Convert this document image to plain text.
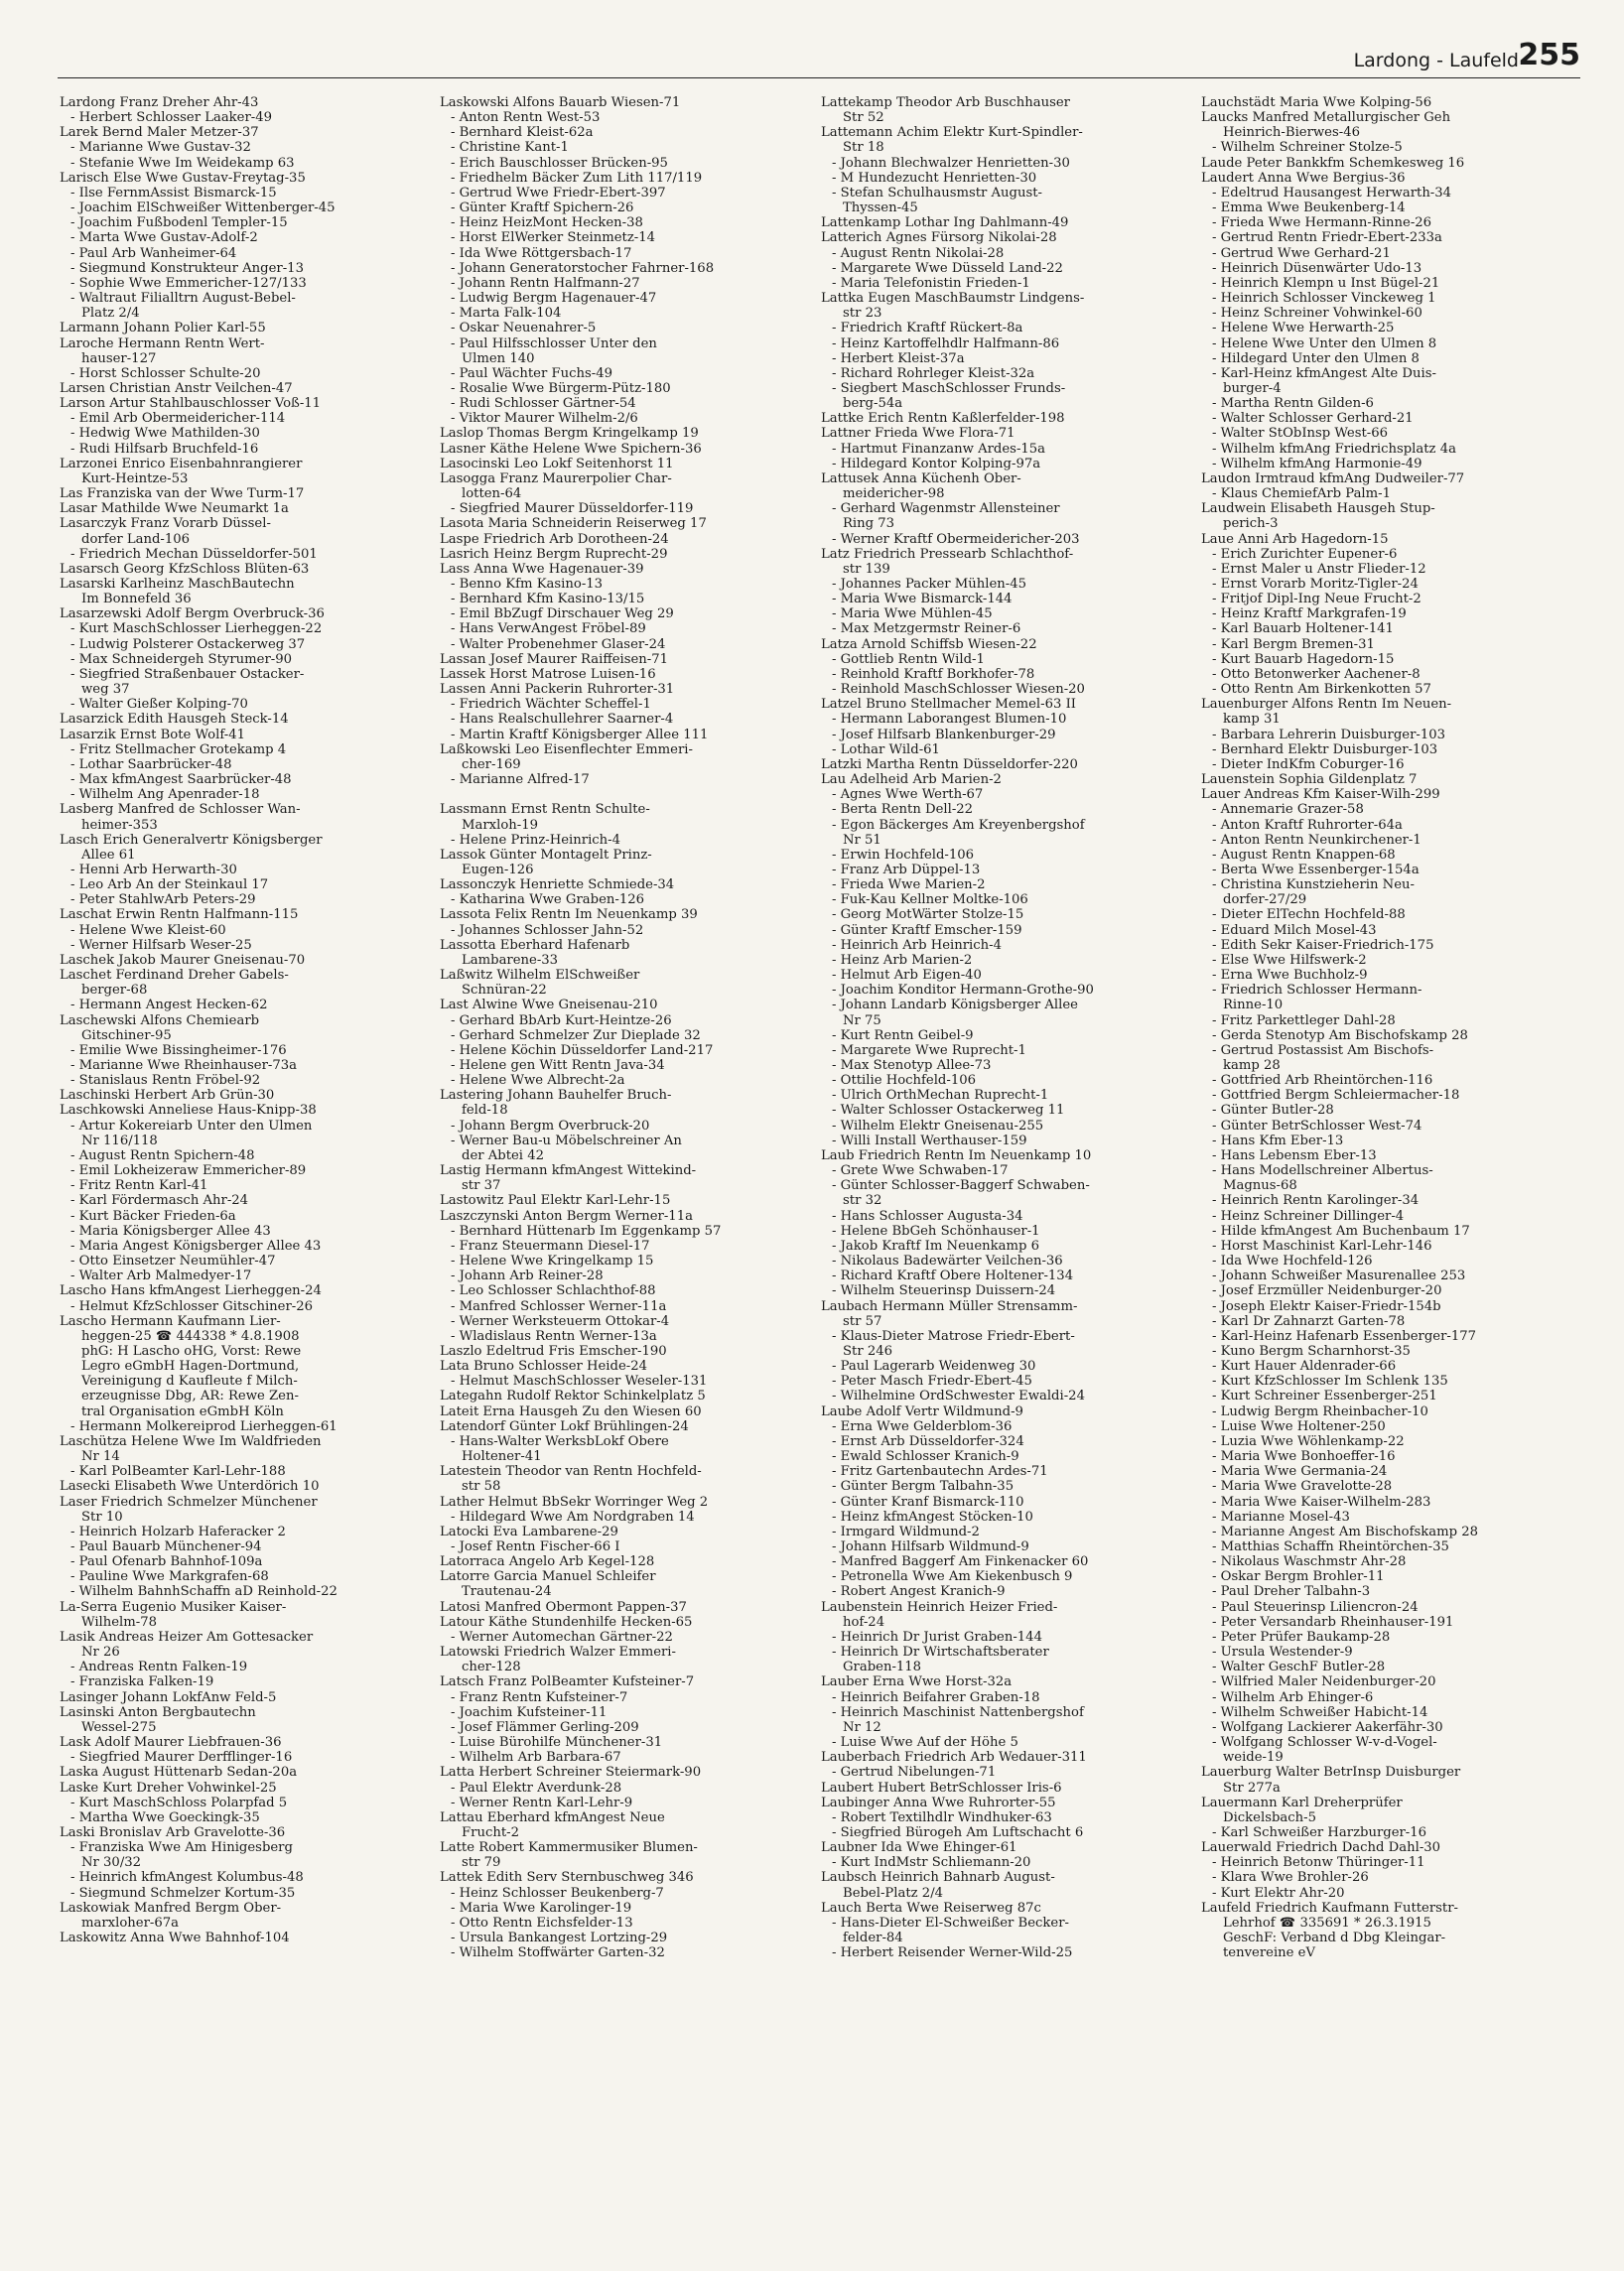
Lardong - Laufeld 255
Lardong Franz Dreher Ahr-43
- Herbert Schlosser Laaker-49
Larek Bernd Maler Metzer-37
- Marianne Wwe Gustav-32
- Stefanie Wwe Im Weidekamp 63
Larisch Else Wwe Gustav-Freytag-35
- Ilse FernmAssist Bismarck-15
- Joachim ElSchweißer Wittenberger-45
- Joachim Fußbodenl Templer-15
- Marta Wwe Gustav-Adolf-2
- Paul Arb Wanheimer-64
- Siegmund Konstrukteur Anger-13
- Sophie Wwe Emmericher-127/133
- Waltraut Filialltrn August-Bebel-
Platz 2/4
Larmann Johann Polier Karl-55
Laroche Hermann Rentn Wert-
hauser-127
- Horst Schlosser Schulte-20
Larsen Christian Anstr Veilchen-47
Larson Artur Stahlbauschlosser Voß-11
- Emil Arb Obermeidericher-114
- Hedwig Wwe Mathilden-30
- Rudi Hilfsarb Bruchfeld-16
Larzonei Enrico Eisenbahnrangierer
Kurt-Heintze-53
Las Franziska van der Wwe Turm-17
Lasar Mathilde Wwe Neumarkt 1a
Lasarczyk Franz Vorarb Düssel-
dorfer Land-106
- Friedrich Mechan Düsseldorfer-501
Lasarsch Georg KfzSchloss Blüten-63
Lasarski Karlheinz MaschBautechn
Im Bonnefeld 36
Lasarzewski Adolf Bergm Overbruck-36
- Kurt MaschSchlosser Lierheggen-22
- Ludwig Polsterer Ostackerweg 37
- Max Schneidergeh Styrumer-90
- Siegfried Straßenbauer Ostacker-
weg 37
- Walter Gießer Kolping-70
Lasarzick Edith Hausgeh Steck-14
Lasarzik Ernst Bote Wolf-41
- Fritz Stellmacher Grotekamp 4
- Lothar Saarbrücker-48
- Max kfmAngest Saarbrücker-48
- Wilhelm Ang Apenrader-18
Lasberg Manfred de Schlosser Wan-
heimer-353
Lasch Erich Generalvertr Königsberger
Allee 61
- Henni Arb Herwarth-30
- Leo Arb An der Steinkaul 17
- Peter StahlwArb Peters-29
Laschat Erwin Rentn Halfmann-115
- Helene Wwe Kleist-60
- Werner Hilfsarb Weser-25
Laschek Jakob Maurer Gneisenau-70
Laschet Ferdinand Dreher Gabels-
berger-68
- Hermann Angest Hecken-62
Laschewski Alfons Chemiearb
Gitschiner-95
- Emilie Wwe Bissingheimer-176
- Marianne Wwe Rheinhauser-73a
- Stanislaus Rentn Fröbel-92
Laschinski Herbert Arb Grün-30
Laschkowski Anneliese Haus-Knipp-38
- Artur Kokereiarb Unter den Ulmen
Nr 116/118
- August Rentn Spichern-48
- Emil Lokheizeraw Emmericher-89
- Fritz Rentn Karl-41
- Karl Fördermasch Ahr-24
- Kurt Bäcker Frieden-6a
- Maria Königsberger Allee 43
- Maria Angest Königsberger Allee 43
- Otto Einsetzer Neumühler-47
- Walter Arb Malmedyer-17
Lascho Hans kfmAngest Lierheggen-24
- Helmut KfzSchlosser Gitschiner-26
Lascho Hermann Kaufmann Lier-
heggen-25 ☎ 444338 * 4.8.1908
phG: H Lascho oHG, Vorst: Rewe
Legro eGmbH Hagen-Dortmund,
Vereinigung d Kaufleute f Milch-
erzeugnisse Dbg, AR: Rewe Zen-
tral Organisation eGmbH Köln
- Hermann Molkereiprod Lierheggen-61
Laschütza Helene Wwe Im Waldfrieden
Nr 14
- Karl PolBeamter Karl-Lehr-188
Lasecki Elisabeth Wwe Unterdörich 10
Laser Friedrich Schmelzer Münchener
Str 10
- Heinrich Holzarb Haferacker 2
- Paul Bauarb Münchener-94
- Paul Ofenarb Bahnhof-109a
- Pauline Wwe Markgrafen-68
- Wilhelm BahnhSchaffn aD Reinhold-22
La-Serra Eugenio Musiker Kaiser-
Wilhelm-78
Lasik Andreas Heizer Am Gottesacker
Nr 26
- Andreas Rentn Falken-19
- Franziska Falken-19
Lasinger Johann LokfAnw Feld-5
Lasinski Anton Bergbautechn
Wessel-275
Lask Adolf Maurer Liebfrauen-36
- Siegfried Maurer Derfflinger-16
Laska August Hüttenarb Sedan-20a
Laske Kurt Dreher Vohwinkel-25
- Kurt MaschSchloss Polarpfad 5
- Martha Wwe Goeckingk-35
Laski Bronislav Arb Gravelotte-36
- Franziska Wwe Am Hinigesberg
Nr 30/32
- Heinrich kfmAngest Kolumbus-48
- Siegmund Schmelzer Kortum-35
Laskowiak Manfred Bergm Ober-
marxloher-67a
Laskowitz Anna Wwe Bahnhof-104
Laskowski Alfons Bauarb Wiesen-71
- Anton Rentn West-53
- Bernhard Kleist-62a
- Christine Kant-1
- Erich Bauschlosser Brücken-95
- Friedhelm Bäcker Zum Lith 117/119
- Gertrud Wwe Friedr-Ebert-397
- Günter Kraftf Spichern-26
- Heinz HeizMont Hecken-38
- Horst ElWerker Steinmetz-14
- Ida Wwe Röttgersbach-17
- Johann Generatorstocher Fahrner-168
- Johann Rentn Halfmann-27
- Ludwig Bergm Hagenauer-47
- Marta Falk-104
- Oskar Neuenahrer-5
- Paul Hilfsschlosser Unter den
Ulmen 140
- Paul Wächter Fuchs-49
- Rosalie Wwe Bürgerm-Pütz-180
- Rudi Schlosser Gärtner-54
- Viktor Maurer Wilhelm-2/6
Laslop Thomas Bergm Kringelkamp 19
Lasner Käthe Helene Wwe Spichern-36
Lasocinski Leo Lokf Seitenhorst 11
Lasogga Franz Maurerpolier Char-
lotten-64
- Siegfried Maurer Düsseldorfer-119
Lasota Maria Schneiderin Reiserweg 17
Laspe Friedrich Arb Dorotheen-24
Lasrich Heinz Bergm Ruprecht-29
Lass Anna Wwe Hagenauer-39
- Benno Kfm Kasino-13
- Bernhard Kfm Kasino-13/15
- Emil BbZugf Dirschauer Weg 29
- Hans VerwAngest Fröbel-89
- Walter Probenehmer Glaser-24
Lassan Josef Maurer Raiffeisen-71
Lassek Horst Matrose Luisen-16
Lassen Anni Packerin Ruhrorter-31
- Friedrich Wächter Scheffel-1
- Hans Realschullehrer Saarner-4
- Martin Kraftf Königsberger Allee 111
Laßkowski Leo Eisenflechter Emmeri-
cher-169
- Marianne Alfred-17

Lassmann Ernst Rentn Schulte-
Marxloh-19
- Helene Prinz-Heinrich-4
Lassok Günter Montagelt Prinz-
Eugen-126
Lassonczyk Henriette Schmiede-34
- Katharina Wwe Graben-126
Lassota Felix Rentn Im Neuenkamp 39
- Johannes Schlosser Jahn-52
Lassotta Eberhard Hafenarb
Lambarene-33
Laßwitz Wilhelm ElSchweißer
Schnüran-22
Last Alwine Wwe Gneisenau-210
- Gerhard BbArb Kurt-Heintze-26
- Gerhard Schmelzer Zur Dieplade 32
- Helene Köchin Düsseldorfer Land-217
- Helene gen Witt Rentn Java-34
- Helene Wwe Albrecht-2a
Lastering Johann Bauhelfer Bruch-
feld-18
- Johann Bergm Overbruck-20
- Werner Bau-u Möbelschreiner An
der Abtei 42
Lastig Hermann kfmAngest Wittekind-
str 37
Lastowitz Paul Elektr Karl-Lehr-15
Laszczynski Anton Bergm Werner-11a
- Bernhard Hüttenarb Im Eggenkamp 57
- Franz Steuermann Diesel-17
- Helene Wwe Kringelkamp 15
- Johann Arb Reiner-28
- Leo Schlosser Schlachthof-88
- Manfred Schlosser Werner-11a
- Werner Werksteuerm Ottokar-4
- Wladislaus Rentn Werner-13a
Laszlo Edeltrud Fris Emscher-190
Lata Bruno Schlosser Heide-24
- Helmut MaschSchlosser Weseler-131
Lategahn Rudolf Rektor Schinkelplatz 5
Lateit Erna Hausgeh Zu den Wiesen 60
Latendorf Günter Lokf Brühlingen-24
- Hans-Walter WerksbLokf Obere
Holtener-41
Latestein Theodor van Rentn Hochfeld-
str 58
Lather Helmut BbSekr Worringer Weg 2
- Hildegard Wwe Am Nordgraben 14
Latocki Eva Lambarene-29
- Josef Rentn Fischer-66 I
Latorraca Angelo Arb Kegel-128
Latorre Garcia Manuel Schleifer
Trautenau-24
Latosi Manfred Obermont Pappen-37
Latour Käthe Stundenhilfe Hecken-65
- Werner Automechan Gärtner-22
Latowski Friedrich Walzer Emmeri-
cher-128
Latsch Franz PolBeamter Kufsteiner-7
- Franz Rentn Kufsteiner-7
- Joachim Kufsteiner-11
- Josef Flämmer Gerling-209
- Luise Bürohilfe Münchener-31
- Wilhelm Arb Barbara-67
Latta Herbert Schreiner Steiermark-90
- Paul Elektr Averdunk-28
- Werner Rentn Karl-Lehr-9
Lattau Eberhard kfmAngest Neue
Frucht-2
Latte Robert Kammermusiker Blumen-
str 79
Lattek Edith Serv Sternbuschweg 346
- Heinz Schlosser Beukenberg-7
- Maria Wwe Karolinger-19
- Otto Rentn Eichsfelder-13
- Ursula Bankangest Lortzing-29
- Wilhelm Stoffwärter Garten-32
Lattekamp Theodor Arb Buschhauser
Str 52
Lattemann Achim Elektr Kurt-Spindler-
Str 18
- Johann Blechwalzer Henrietten-30
- M Hundezucht Henrietten-30
- Stefan Schulhausmstr August-
Thyssen-45
Lattenkamp Lothar Ing Dahlmann-49
Latterich Agnes Fürsorg Nikolai-28
- August Rentn Nikolai-28
- Margarete Wwe Düsseld Land-22
- Maria Telefonistin Frieden-1
Lattka Eugen MaschBaumstr Lindgens-
str 23
- Friedrich Kraftf Rückert-8a
- Heinz Kartoffelhdlr Halfmann-86
- Herbert Kleist-37a
- Richard Rohrleger Kleist-32a
- Siegbert MaschSchlosser Frunds-
berg-54a
Lattke Erich Rentn Kaßlerfelder-198
Lattner Frieda Wwe Flora-71
- Hartmut Finanzanw Ardes-15a
- Hildegard Kontor Kolping-97a
Lattusek Anna Küchenh Ober-
meidericher-98
- Gerhard Wagenmstr Allensteiner
Ring 73
- Werner Kraftf Obermeidericher-203
Latz Friedrich Pressearb Schlachthof-
str 139
- Johannes Packer Mühlen-45
- Maria Wwe Bismarck-144
- Maria Wwe Mühlen-45
- Max Metzgermstr Reiner-6
Latza Arnold Schiffsb Wiesen-22
- Gottlieb Rentn Wild-1
- Reinhold Kraftf Borkhofer-78
- Reinhold MaschSchlosser Wiesen-20
Latzel Bruno Stellmacher Memel-63 II
- Hermann Laborangest Blumen-10
- Josef Hilfsarb Blankenburger-29
- Lothar Wild-61
Latzki Martha Rentn Düsseldorfer-220
Lau Adelheid Arb Marien-2
- Agnes Wwe Werth-67
- Berta Rentn Dell-22
- Egon Bäckerges Am Kreyenbergshof
Nr 51
- Erwin Hochfeld-106
- Franz Arb Düppel-13
- Frieda Wwe Marien-2
- Fuk-Kau Kellner Moltke-106
- Georg MotWärter Stolze-15
- Günter Kraftf Emscher-159
- Heinrich Arb Heinrich-4
- Heinz Arb Marien-2
- Helmut Arb Eigen-40
- Joachim Konditor Hermann-Grothe-90
- Johann Landarb Königsberger Allee
Nr 75
- Kurt Rentn Geibel-9
- Margarete Wwe Ruprecht-1
- Max Stenotyp Allee-73
- Ottilie Hochfeld-106
- Ulrich OrthMechan Ruprecht-1
- Walter Schlosser Ostackerweg 11
- Wilhelm Elektr Gneisenau-255
- Willi Install Werthauser-159
Laub Friedrich Rentn Im Neuenkamp 10
- Grete Wwe Schwaben-17
- Günter Schlosser-Baggerf Schwaben-
str 32
- Hans Schlosser Augusta-34
- Helene BbGeh Schönhauser-1
- Jakob Kraftf Im Neuenkamp 6
- Nikolaus Badewärter Veilchen-36
- Richard Kraftf Obere Holtener-134
- Wilhelm Steuerinsp Duissern-24
Laubach Hermann Müller Strensamm-
str 57
- Klaus-Dieter Matrose Friedr-Ebert-
Str 246
- Paul Lagerarb Weidenweg 30
- Peter Masch Friedr-Ebert-45
- Wilhelmine OrdSchwester Ewaldi-24
Laube Adolf Vertr Wildmund-9
- Erna Wwe Gelderblom-36
- Ernst Arb Düsseldorfer-324
- Ewald Schlosser Kranich-9
- Fritz Gartenbautechn Ardes-71
- Günter Bergm Talbahn-35
- Günter Kranf Bismarck-110
- Heinz kfmAngest Stöcken-10
- Irmgard Wildmund-2
- Johann Hilfsarb Wildmund-9
- Manfred Baggerf Am Finkenacker 60
- Petronella Wwe Am Kiekenbusch 9
- Robert Angest Kranich-9
Laubenstein Heinrich Heizer Fried-
hof-24
- Heinrich Dr Jurist Graben-144
- Heinrich Dr Wirtschaftsberater
Graben-118
Lauber Erna Wwe Horst-32a
- Heinrich Beifahrer Graben-18
- Heinrich Maschinist Nattenbergshof
Nr 12
- Luise Wwe Auf der Höhe 5
Lauberbach Friedrich Arb Wedauer-311
- Gertrud Nibelungen-71
Laubert Hubert BetrSchlosser Iris-6
Laubinger Anna Wwe Ruhrorter-55
- Robert Textilhdlr Windhuker-63
- Siegfried Bürogeh Am Luftschacht 6
Laubner Ida Wwe Ehinger-61
- Kurt IndMstr Schliemann-20
Laubsch Heinrich Bahnarb August-
Bebel-Platz 2/4
Lauch Berta Wwe Reiserweg 87c
- Hans-Dieter El-Schweißer Becker-
felder-84
- Herbert Reisender Werner-Wild-25
Lauchstädt Maria Wwe Kolping-56
Laucks Manfred Metallurgischer Geh
Heinrich-Bierwes-46
- Wilhelm Schreiner Stolze-5
Laude Peter Bankkfm Schemkesweg 16
Laudert Anna Wwe Bergius-36
- Edeltrud Hausangest Herwarth-34
- Emma Wwe Beukenberg-14
- Frieda Wwe Hermann-Rinne-26
- Gertrud Rentn Friedr-Ebert-233a
- Gertrud Wwe Gerhard-21
- Heinrich Düsenwärter Udo-13
- Heinrich Klempn u Inst Bügel-21
- Heinrich Schlosser Vinckeweg 1
- Heinz Schreiner Vohwinkel-60
- Helene Wwe Herwarth-25
- Helene Wwe Unter den Ulmen 8
- Hildegard Unter den Ulmen 8
- Karl-Heinz kfmAngest Alte Duis-
burger-4
- Martha Rentn Gilden-6
- Walter Schlosser Gerhard-21
- Walter StObInsp West-66
- Wilhelm kfmAng Friedrichsplatz 4a
- Wilhelm kfmAng Harmonie-49
Laudon Irmtraud kfmAng Dudweiler-77
- Klaus ChemiefArb Palm-1
Laudwein Elisabeth Hausgeh Stup-
perich-3
Laue Anni Arb Hagedorn-15
- Erich Zurichter Eupener-6
- Ernst Maler u Anstr Flieder-12
- Ernst Vorarb Moritz-Tigler-24
- Fritjof Dipl-Ing Neue Frucht-2
- Heinz Kraftf Markgrafen-19
- Karl Bauarb Holtener-141
- Karl Bergm Bremen-31
- Kurt Bauarb Hagedorn-15
- Otto Betonwerker Aachener-8
- Otto Rentn Am Birkenkotten 57
Lauenburger Alfons Rentn Im Neuen-
kamp 31
- Barbara Lehrerin Duisburger-103
- Bernhard Elektr Duisburger-103
- Dieter IndKfm Coburger-16
Lauenstein Sophia Gildenplatz 7
Lauer Andreas Kfm Kaiser-Wilh-299
- Annemarie Grazer-58
- Anton Kraftf Ruhrorter-64a
- Anton Rentn Neunkirchener-1
- August Rentn Knappen-68
- Berta Wwe Essenberger-154a
- Christina Kunstzieherin Neu-
dorfer-27/29
- Dieter ElTechn Hochfeld-88
- Eduard Milch Mosel-43
- Edith Sekr Kaiser-Friedrich-175
- Else Wwe Hilfswerk-2
- Erna Wwe Buchholz-9
- Friedrich Schlosser Hermann-
Rinne-10
- Fritz Parkettleger Dahl-28
- Gerda Stenotyp Am Bischofskamp 28
- Gertrud Postassist Am Bischofs-
kamp 28
- Gottfried Arb Rheintörchen-116
- Gottfried Bergm Schleiermacher-18
- Günter Butler-28
- Günter BetrSchlosser West-74
- Hans Kfm Eber-13
- Hans Lebensm Eber-13
- Hans Modellschreiner Albertus-
Magnus-68
- Heinrich Rentn Karolinger-34
- Heinz Schreiner Dillinger-4
- Hilde kfmAngest Am Buchenbaum 17
- Horst Maschinist Karl-Lehr-146
- Ida Wwe Hochfeld-126
- Johann Schweißer Masurenallee 253
- Josef Erzmüller Neidenburger-20
- Joseph Elektr Kaiser-Friedr-154b
- Karl Dr Zahnarzt Garten-78
- Karl-Heinz Hafenarb Essenberger-177
- Kuno Bergm Scharnhorst-35
- Kurt Hauer Aldenrader-66
- Kurt KfzSchlosser Im Schlenk 135
- Kurt Schreiner Essenberger-251
- Ludwig Bergm Rheinbacher-10
- Luise Wwe Holtener-250
- Luzia Wwe Wöhlenkamp-22
- Maria Wwe Bonhoeffer-16
- Maria Wwe Germania-24
- Maria Wwe Gravelotte-28
- Maria Wwe Kaiser-Wilhelm-283
- Marianne Mosel-43
- Marianne Angest Am Bischofskamp 28
- Matthias Schaffn Rheintörchen-35
- Nikolaus Waschmstr Ahr-28
- Oskar Bergm Brohler-11
- Paul Dreher Talbahn-3
- Paul Steuerinsp Liliencron-24
- Peter Versandarb Rheinhauser-191
- Peter Prüfer Baukamp-28
- Ursula Westender-9
- Walter GeschF Butler-28
- Wilfried Maler Neidenburger-20
- Wilhelm Arb Ehinger-6
- Wilhelm Schweißer Habicht-14
- Wolfgang Lackierer Aakerfähr-30
- Wolfgang Schlosser W-v-d-Vogel-
weide-19
Lauerburg Walter BetrInsp Duisburger
Str 277a
Lauermann Karl Dreherprüfer
Dickelsbach-5
- Karl Schweißer Harzburger-16
Lauerwald Friedrich Dachd Dahl-30
- Heinrich Betonw Thüringer-11
- Klara Wwe Brohler-26
- Kurt Elektr Ahr-20
Laufeld Friedrich Kaufmann Futterstr-
Lehrhof ☎ 335691 * 26.3.1915
GeschF: Verband d Dbg Kleingar-
tenvereine eV
